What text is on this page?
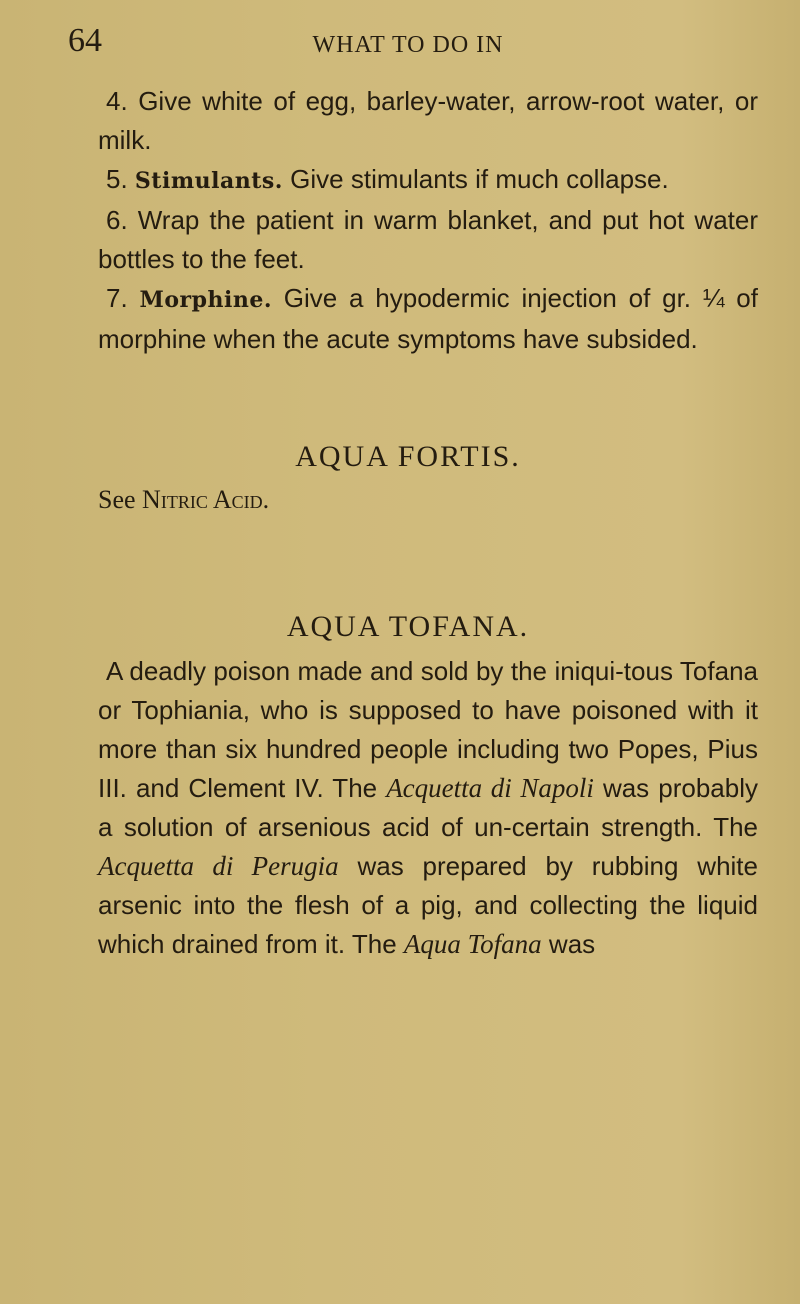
64	WHAT TO DO IN

4. Give white of egg, barley-water, arrow-root water, or milk.

5. Stimulants. Give stimulants if much collapse.

6. Wrap the patient in warm blanket, and put hot water bottles to the feet.

7. Morphine. Give a hypodermic injection of gr. ¼ of morphine when the acute symptoms have subsided.

AQUA FORTIS.

See Nitric Acid.

AQUA TOFANA.

A deadly poison made and sold by the iniqui-tous Tofana or Tophiania, who is supposed to have poisoned with it more than six hundred people including two Popes, Pius III. and Clement IV. The Acquetta di Napoli was probably a solution of arsenious acid of un-certain strength. The Acquetta di Perugia was prepared by rubbing white arsenic into the flesh of a pig, and collecting the liquid which drained from it. The Aqua Tofana was
